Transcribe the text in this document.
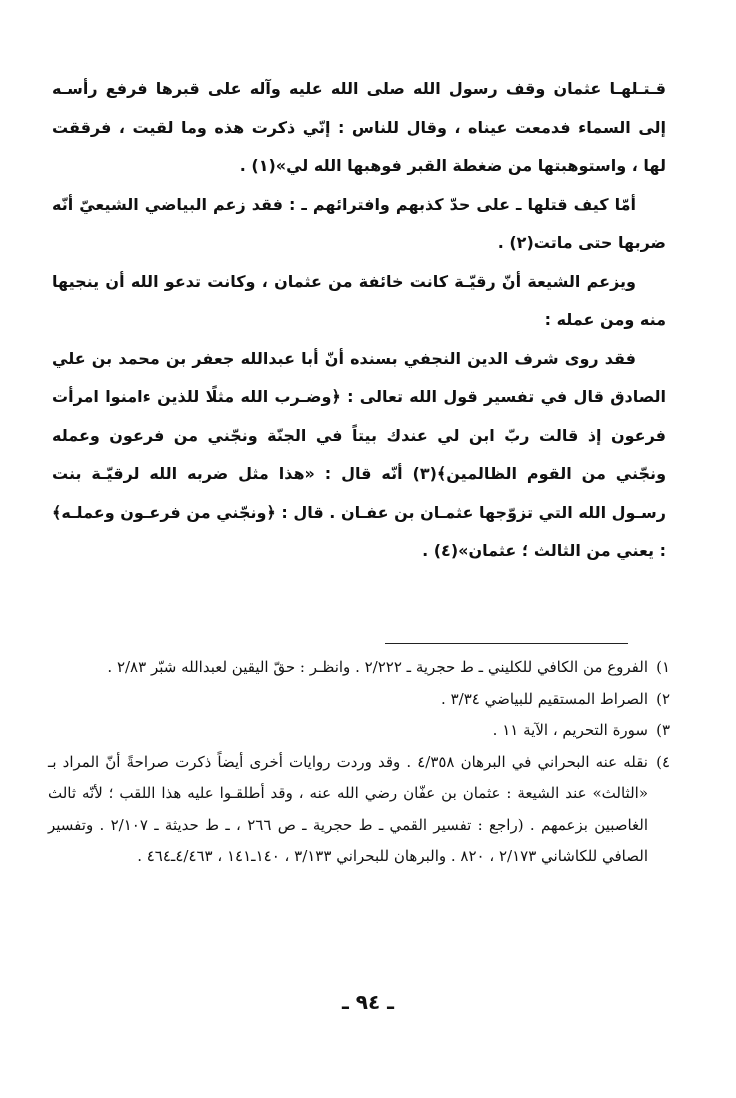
قـتـلهـا عثمان وقف رسول الله صلى الله عليه وآله على قبرها فرفع رأسـه إلى السماء فدمعت عيناه ، وقال للناس : إنّي ذكرت هذه وما لقيت ، فرققت لها ، واستوهبتها من ضغطة القبر فوهبها الله لي»(١) .

أمّا كيف قتلها ـ على حدّ كذبهم وافترائهم ـ : فقد زعم البياضي الشيعيّ أنّه ضربها حتى ماتت(٢) .

ويزعم الشيعة أنّ رقيّـة كانت خائفة من عثمان ، وكانت تدعو الله أن ينجيها منه ومن عمله :

فقد روى شرف الدين النجفي بسنده أنّ أبا عبدالله جعفر بن محمد بن علي الصادق قال في تفسير قول الله تعالى : ﴿وضـرب الله مثلًا للذين ءامنوا امرأت فرعون إذ قالت ربّ ابن لي عندك بيتاً في الجنّة ونجّني من فرعون وعمله ونجّني من القوم الظالمين﴾(٣) أنّه قال : «هذا مثل ضربه الله لرقيّـة بنت رسـول الله التي تزوّجها عثمـان بن عفـان . قال : ﴿ونجّني من فرعـون وعملـه﴾ : يعني من الثالث ؛ عثمان»(٤) .

١)
الفروع من الكافي للكليني ـ ط حجرية ـ ٢/٢٢٢ . وانظـر : حقّ اليقين لعبدالله شبّر ٢/٨٣ .
٢)
الصراط المستقيم للبياضي ٣/٣٤ .
٣)
سورة التحريم ، الآية ١١ .
٤)
نقله عنه البحراني في البرهان ٤/٣٥٨ . وقد وردت روايات أخرى أيضاً ذكرت صراحةً أنّ المراد بـ «الثالث» عند الشيعة : عثمان بن عفّان رضي الله عنه ، وقد أطلقـوا عليه هذا اللقب ؛ لأنّه ثالث الغاصبين بزعمهم . (راجع : تفسير القمي ـ ط حجرية ـ ص ٢٦٦ ، ـ ط حديثة ـ ٢/١٠٧ . وتفسير الصافي للكاشاني ٢/١٧٣ ، ٨٢٠ . والبرهان للبحراني ٣/١٣٣ ، ١٤٠ـ١٤١ ، ٤/٤٦٣ـ٤٦٤ .
ـ ٩٤ ـ
